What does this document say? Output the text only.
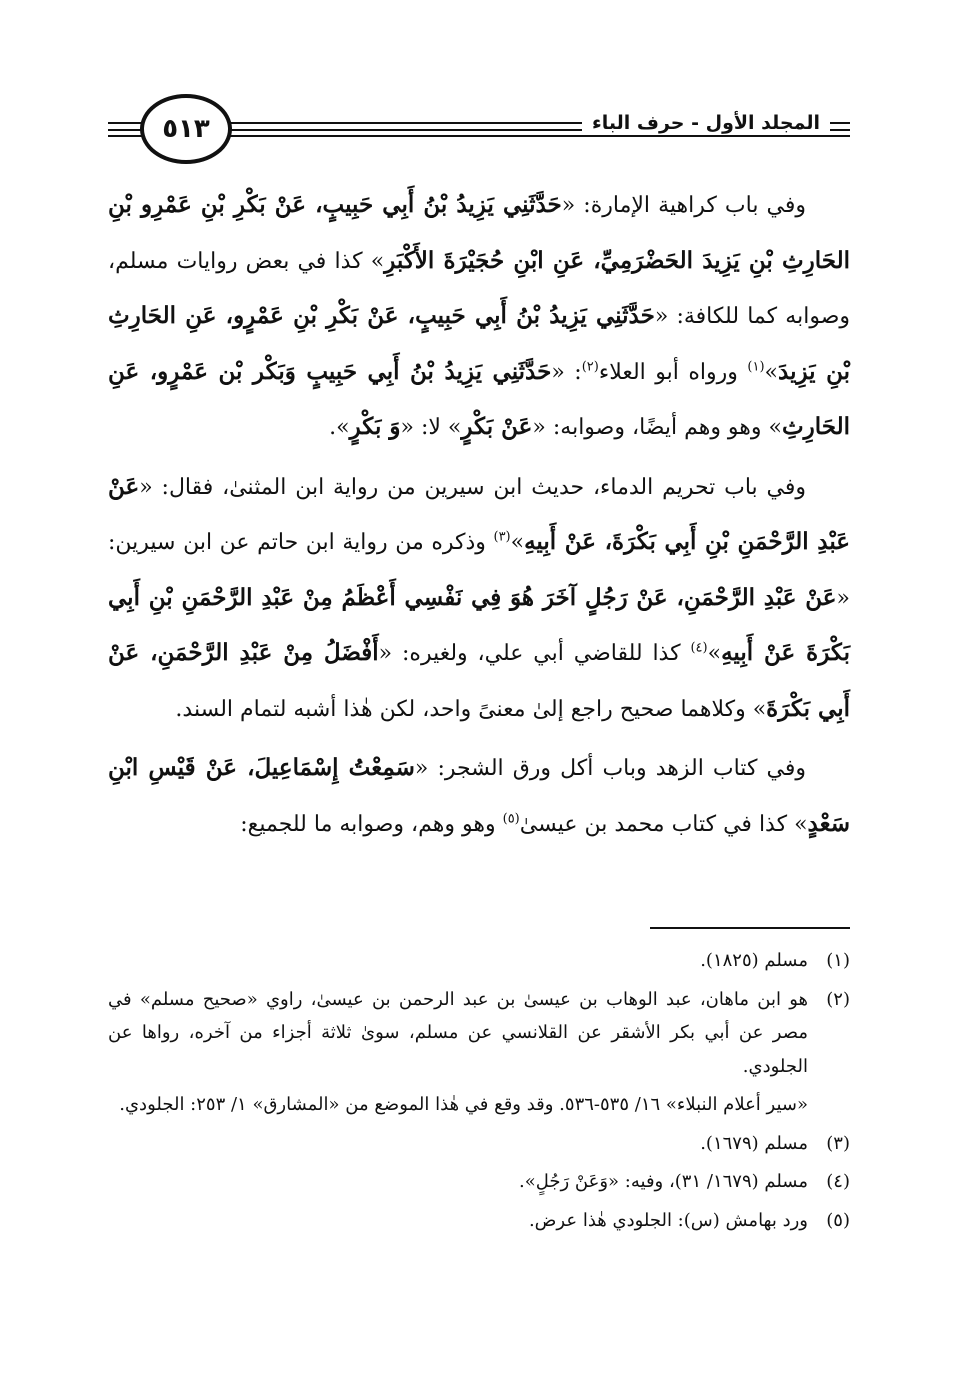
٥١٣	المجلد الأول - حرف الباء

وفي باب كراهية الإمارة: «حَدَّثَنِي يَزِيدُ بْنُ أَبِي حَبِيبٍ، عَنْ بَكْرِ بْنِ عَمْرِو بْنِ الحَارِثِ بْنِ يَزِيدَ الحَضْرَمِيِّ، عَنِ ابْنِ حُجَيْرَةَ الأَكْبَرِ» كذا في بعض روايات مسلم، وصوابه كما للكافة: «حَدَّثَنِي يَزِيدُ بْنُ أَبِي حَبِيبٍ، عَنْ بَكْرِ بْنِ عَمْرٍو، عَنِ الحَارِثِ بْنِ يَزِيدَ»$^{(١)}$ ورواه أبو العلاء$^{(٢)}$: «حَدَّثَنِي يَزِيدُ بْنُ أَبِي حَبِيبٍ وَبَكْر بْن عَمْرٍو، عَنِ الحَارِثِ» وهو وهم أيضًا، وصوابه: «عَنْ بَكْرٍ» لا: «وَ بَكْرٍ».

وفي باب تحريم الدماء، حديث ابن سيرين من رواية ابن المثنىٰ، فقال: «عَنْ عَبْدِ الرَّحْمَنِ بْنِ أَبِي بَكْرَةَ، عَنْ أَبِيهِ»$^{(٣)}$ وذكره من رواية ابن حاتم عن ابن سيرين: «عَنْ عَبْدِ الرَّحْمَنِ، عَنْ رَجُلٍ آخَرَ هُوَ فِي نَفْسِي أَعْظَمُ مِنْ عَبْدِ الرَّحْمَنِ بْنِ أَبِي بَكْرَةَ عَنْ أَبِيهِ»$^{(٤)}$ كذا للقاضي أبي علي، ولغيره: «أَفْضَلُ مِنْ عَبْدِ الرَّحْمَنِ، عَنْ أَبِي بَكْرَةَ» وكلاهما صحيح راجع إلىٰ معنىً واحد، لكن هٰذا أشبه لتمام السند.

وفي كتاب الزهد وباب أكل ورق الشجر: «سَمِعْتُ إِسْمَاعِيلَ، عَنْ قَيْسِ ابْنِ سَعْدٍ» كذا في كتاب محمد بن عيسىٰ$^{(٥)}$ وهو وهم، وصوابه ما للجميع:

(١)
مسلم (١٨٢٥).
(٢)
هو ابن ماهان، عبد الوهاب بن عيسىٰ بن عبد الرحمن بن عيسىٰ، راوي «صحيح مسلم» في مصر عن أبي بكر الأشقر عن القلانسي عن مسلم، سوىٰ ثلاثة أجزاء من آخره، رواها عن الجلودي.
«سير أعلام النبلاء» ١٦/ ٥٣٥-٥٣٦. وقد وقع في هٰذا الموضع من «المشارق» ١/ ٢٥٣: الجلودي.
(٣)
مسلم (١٦٧٩).
(٤)
مسلم (١٦٧٩/ ٣١)، وفيه: «وَعَنْ رَجُلٍ».
(٥)
ورد بهامش (س): الجلودي هٰذا عرض.
